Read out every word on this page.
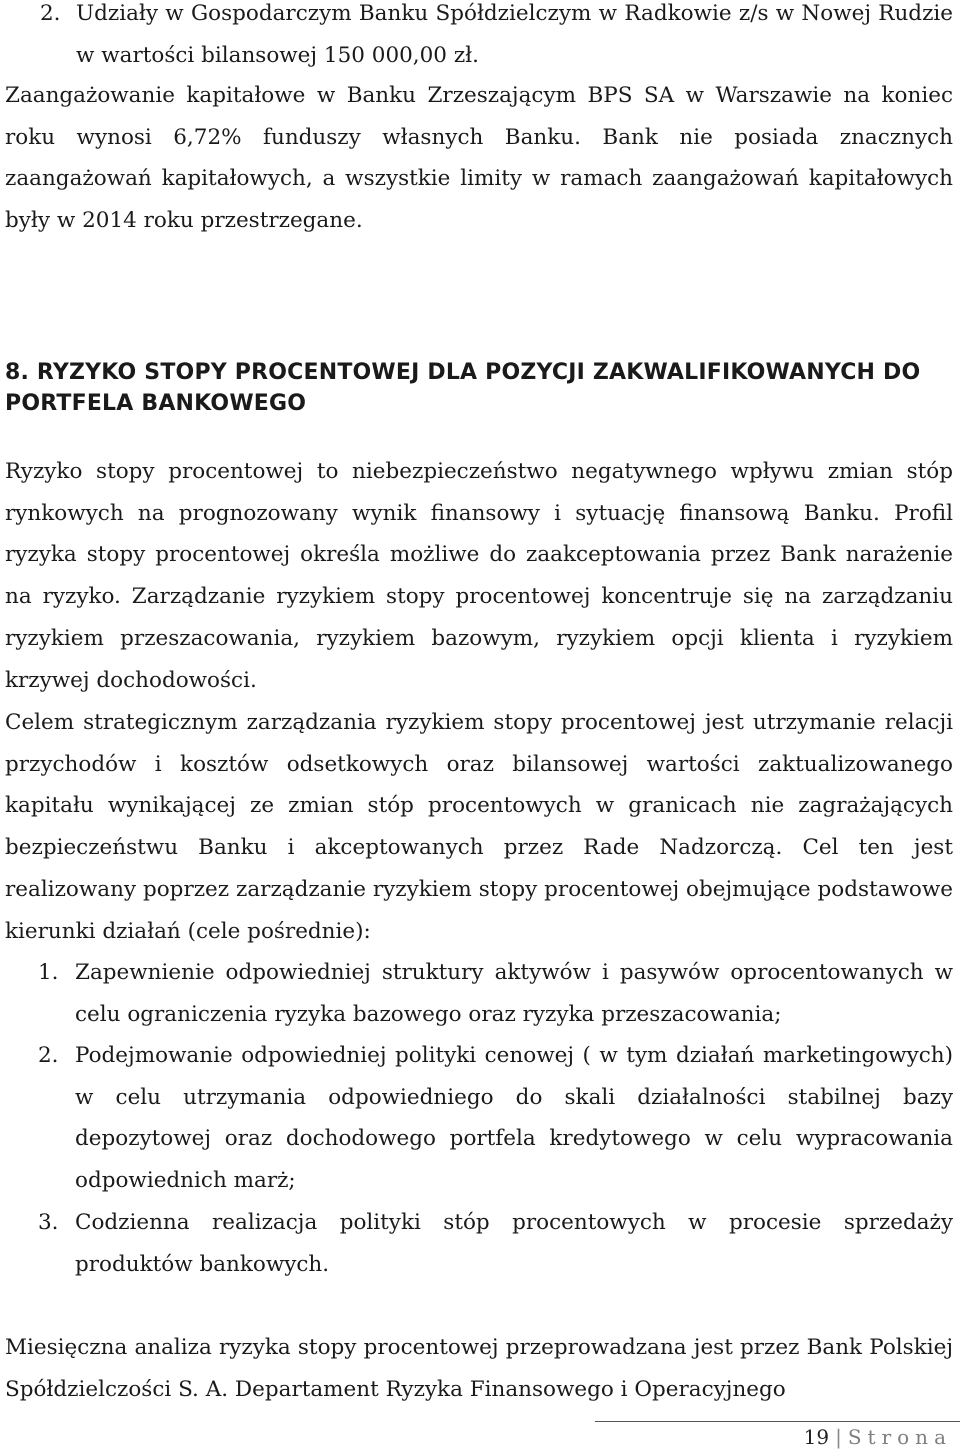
2. Udziały w Gospodarczym Banku Spółdzielczym w Radkowie z/s w Nowej Rudzie w wartości bilansowej 150 000,00 zł.

Zaangażowanie kapitałowe w Banku Zrzeszającym BPS SA w Warszawie na koniec roku wynosi 6,72% funduszy własnych Banku. Bank nie posiada znacznych zaangażowań kapitałowych, a wszystkie limity w ramach zaangażowań kapitałowych były w 2014 roku przestrzegane.

8. RYZYKO STOPY PROCENTOWEJ DLA POZYCJI ZAKWALIFIKOWANYCH DO PORTFELA BANKOWEGO

Ryzyko stopy procentowej to niebezpieczeństwo negatywnego wpływu zmian stóp rynkowych na prognozowany wynik finansowy i sytuację finansową Banku. Profil ryzyka stopy procentowej określa możliwe do zaakceptowania przez Bank narażenie na ryzyko. Zarządzanie ryzykiem stopy procentowej koncentruje się na zarządzaniu ryzykiem przeszacowania, ryzykiem bazowym, ryzykiem opcji klienta i ryzykiem krzywej dochodowości.

Celem strategicznym zarządzania ryzykiem stopy procentowej jest utrzymanie relacji przychodów i kosztów odsetkowych oraz bilansowej wartości zaktualizowanego kapitału wynikającej ze zmian stóp procentowych w granicach nie zagrażających bezpieczeństwu Banku i akceptowanych przez Rade Nadzorczą. Cel ten jest realizowany poprzez zarządzanie ryzykiem stopy procentowej obejmujące podstawowe kierunki działań (cele pośrednie):

1. Zapewnienie odpowiedniej struktury aktywów i pasywów oprocentowanych w celu ograniczenia ryzyka bazowego oraz ryzyka przeszacowania;
2. Podejmowanie odpowiedniej polityki cenowej ( w tym działań marketingowych) w celu utrzymania odpowiedniego do skali działalności stabilnej bazy depozytowej oraz dochodowego portfela kredytowego w celu wypracowania odpowiednich marż;
3. Codzienna realizacja polityki stóp procentowych w procesie sprzedaży produktów bankowych.

Miesięczna analiza ryzyka stopy procentowej przeprowadzana jest przez Bank Polskiej Spółdzielczości S. A. Departament Ryzyka Finansowego i Operacyjnego

19 | Strona
